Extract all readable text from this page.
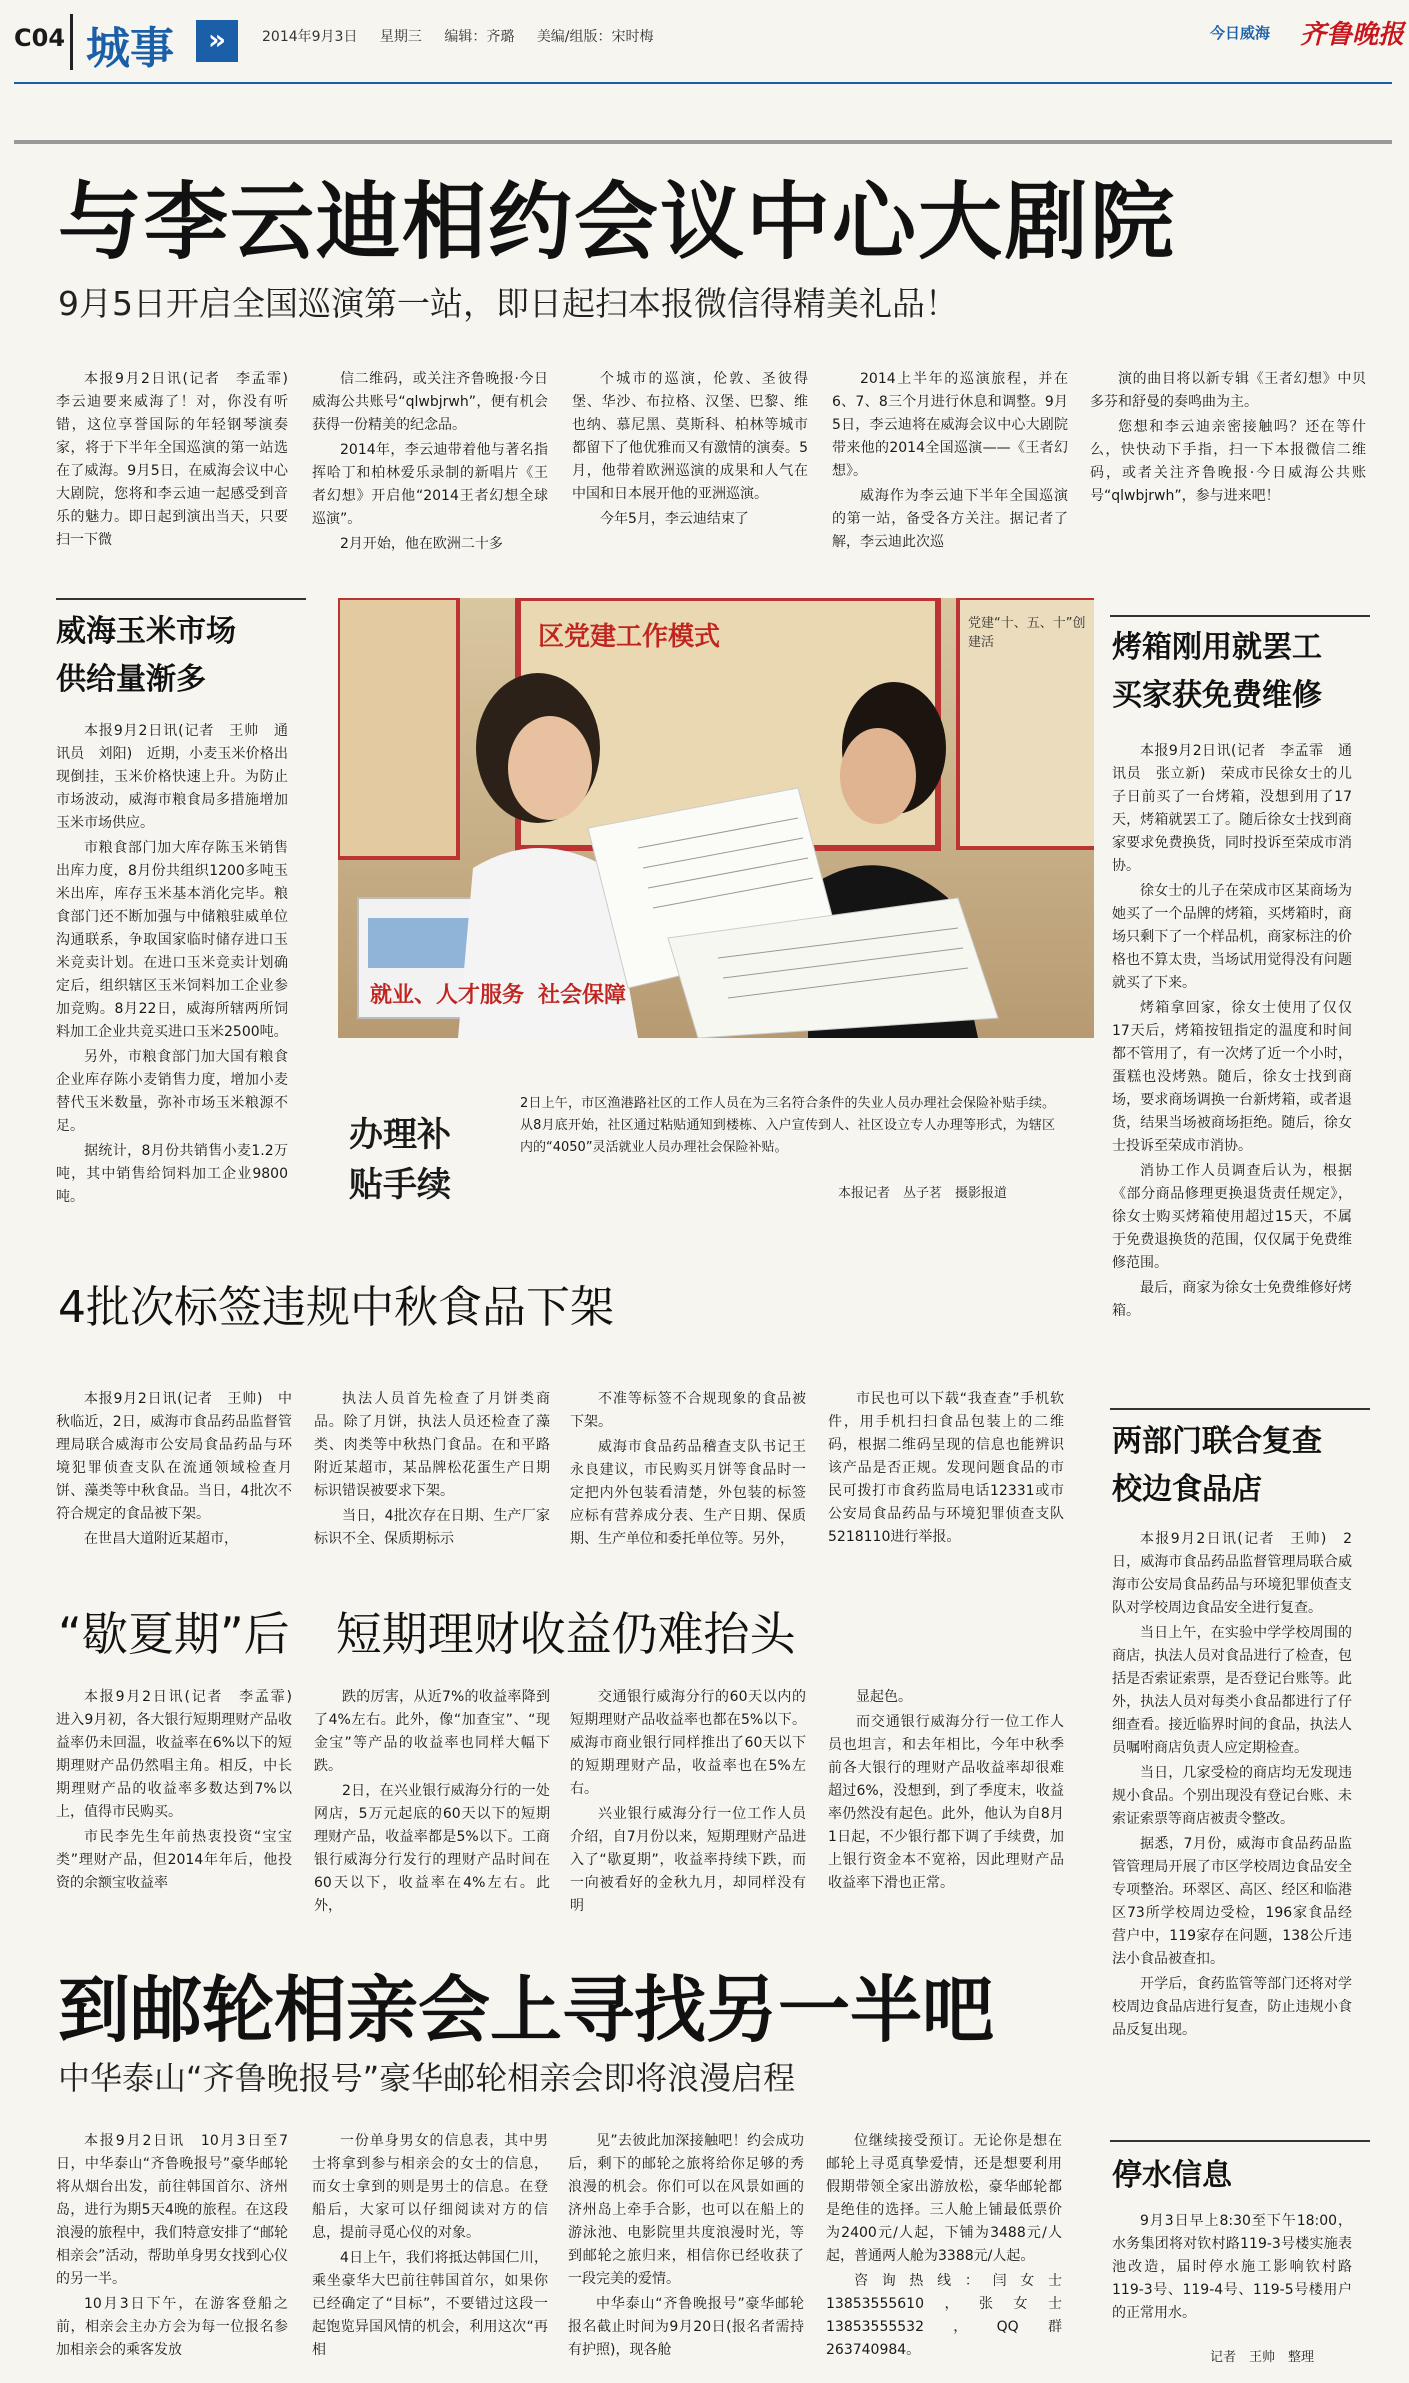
C04 城事	»	2014年9月3日 星期三 编辑：齐璐 美编/组版：宋时梅	今日威海 齐鲁晚报
与李云迪相约会议中心大剧院
9月5日开启全国巡演第一站，即日起扫本报微信得精美礼品！

本报9月2日讯(记者　李孟霏)　李云迪要来威海了！对，你没有听错，这位享誉国际的年轻钢琴演奏家，将于下半年全国巡演的第一站选在了威海。9月5日，在威海会议中心大剧院，您将和李云迪一起感受到音乐的魅力。即日起到演出当天，只要扫一下微

信二维码，或关注齐鲁晚报·今日威海公共账号“qlwbjrwh”，便有机会获得一份精美的纪念品。

2014年，李云迪带着他与著名指挥哈丁和柏林爱乐录制的新唱片《王者幻想》开启他“2014王者幻想全球巡演”。

2月开始，他在欧洲二十多

个城市的巡演，伦敦、圣彼得堡、华沙、布拉格、汉堡、巴黎、维也纳、慕尼黑、莫斯科、柏林等城市都留下了他优雅而又有激情的演奏。5月，他带着欧洲巡演的成果和人气在中国和日本展开他的亚洲巡演。

今年5月，李云迪结束了

2014上半年的巡演旅程，并在6、7、8三个月进行休息和调整。9月5日，李云迪将在威海会议中心大剧院带来他的2014全国巡演——《王者幻想》。

威海作为李云迪下半年全国巡演的第一站，备受各方关注。据记者了解，李云迪此次巡

演的曲目将以新专辑《王者幻想》中贝多芬和舒曼的奏鸣曲为主。

您想和李云迪亲密接触吗？还在等什么，快快动下手指，扫一下本报微信二维码，或者关注齐鲁晚报·今日威海公共账号“qlwbjrwh”，参与进来吧！

威海玉米市场
供给量渐多

本报9月2日讯(记者　王帅　通讯员　刘阳)　近期，小麦玉米价格出现倒挂，玉米价格快速上升。为防止市场波动，威海市粮食局多措施增加玉米市场供应。

市粮食部门加大库存陈玉米销售出库力度，8月份共组织1200多吨玉米出库，库存玉米基本消化完毕。粮食部门还不断加强与中储粮驻威单位沟通联系，争取国家临时储存进口玉米竞卖计划。在进口玉米竞卖计划确定后，组织辖区玉米饲料加工企业参加竞购。8月22日，威海所辖两所饲料加工企业共竞买进口玉米2500吨。

另外，市粮食部门加大国有粮食企业库存陈小麦销售力度，增加小麦替代玉米数量，弥补市场玉米粮源不足。

据统计，8月份共销售小麦1.2万吨，其中销售给饲料加工企业9800吨。

区党建工作模式	党建“十、五、十”创建活
就业、人才服务 社会保障
办理补贴手续
2日上午，市区渔港路社区的工作人员在为三名符合条件的失业人员办理社会保险补贴手续。从8月底开始，社区通过粘贴通知到楼栋、入户宣传到人、社区设立专人办理等形式，为辖区内的“4050”灵活就业人员办理社会保险补贴。
本报记者　丛子茗　摄影报道
烤箱刚用就罢工
买家获免费维修

本报9月2日讯(记者　李孟霏　通讯员　张立新)　荣成市民徐女士的儿子日前买了一台烤箱，没想到用了17天，烤箱就罢工了。随后徐女士找到商家要求免费换货，同时投诉至荣成市消协。

徐女士的儿子在荣成市区某商场为她买了一个品牌的烤箱，买烤箱时，商场只剩下了一个样品机，商家标注的价格也不算太贵，当场试用觉得没有问题就买了下来。

烤箱拿回家，徐女士使用了仅仅17天后，烤箱按钮指定的温度和时间都不管用了，有一次烤了近一个小时，蛋糕也没烤熟。随后，徐女士找到商场，要求商场调换一台新烤箱，或者退货，结果当场被商场拒绝。随后，徐女士投诉至荣成市消协。

消协工作人员调查后认为，根据《部分商品修理更换退货责任规定》，徐女士购买烤箱使用超过15天，不属于免费退换货的范围，仅仅属于免费维修范围。

最后，商家为徐女士免费维修好烤箱。

4批次标签违规中秋食品下架

本报9月2日讯(记者　王帅)　中秋临近，2日，威海市食品药品监督管理局联合威海市公安局食品药品与环境犯罪侦查支队在流通领域检查月饼、藻类等中秋食品。当日，4批次不符合规定的食品被下架。

在世昌大道附近某超市，

执法人员首先检查了月饼类商品。除了月饼，执法人员还检查了藻类、肉类等中秋热门食品。在和平路附近某超市，某品牌松花蛋生产日期标识错误被要求下架。

当日，4批次存在日期、生产厂家标识不全、保质期标示

不准等标签不合规现象的食品被下架。

威海市食品药品稽查支队书记王永良建议，市民购买月饼等食品时一定把内外包装看清楚，外包装的标签应标有营养成分表、生产日期、保质期、生产单位和委托单位等。另外，

市民也可以下载“我查查”手机软件，用手机扫扫食品包装上的二维码，根据二维码呈现的信息也能辨识该产品是否正规。发现问题食品的市民可拨打市食药监局电话12331或市公安局食品药品与环境犯罪侦查支队5218110进行举报。

“歇夏期”后　短期理财收益仍难抬头

本报9月2日讯(记者　李孟霏)　进入9月初，各大银行短期理财产品收益率仍未回温，收益率在6%以下的短期理财产品仍然唱主角。相反，中长期理财产品的收益率多数达到7%以上，值得市民购买。

市民李先生年前热衷投资“宝宝类”理财产品，但2014年年后，他投资的余额宝收益率

跌的厉害，从近7%的收益率降到了4%左右。此外，像“加查宝”、“现金宝”等产品的收益率也同样大幅下跌。

2日，在兴业银行威海分行的一处网店，5万元起底的60天以下的短期理财产品，收益率都是5%以下。工商银行威海分行发行的理财产品时间在60天以下，收益率在4%左右。此外，

交通银行威海分行的60天以内的短期理财产品收益率也都在5%以下。威海市商业银行同样推出了60天以下的短期理财产品，收益率也在5%左右。

兴业银行威海分行一位工作人员介绍，自7月份以来，短期理财产品进入了“歇夏期”，收益率持续下跌，而一向被看好的金秋九月，却同样没有明

显起色。

而交通银行威海分行一位工作人员也坦言，和去年相比，今年中秋季前各大银行的理财产品收益率却很难超过6%，没想到，到了季度末，收益率仍然没有起色。此外，他认为自8月1日起，不少银行都下调了手续费，加上银行资金本不宽裕，因此理财产品收益率下滑也正常。

两部门联合复查
校边食品店

本报9月2日讯(记者　王帅)　2日，威海市食品药品监督管理局联合威海市公安局食品药品与环境犯罪侦查支队对学校周边食品安全进行复查。

当日上午，在实验中学学校周围的商店，执法人员对食品进行了检查，包括是否索证索票，是否登记台账等。此外，执法人员对每类小食品都进行了仔细查看。接近临界时间的食品，执法人员嘱咐商店负责人应定期检查。

当日，几家受检的商店均无发现违规小食品。个别出现没有登记台账、未索证索票等商店被责令整改。

据悉，7月份，威海市食品药品监管管理局开展了市区学校周边食品安全专项整治。环翠区、高区、经区和临港区73所学校周边受检，196家食品经营户中，119家存在问题，138公斤违法小食品被查扣。

开学后，食药监管等部门还将对学校周边食品店进行复查，防止违规小食品反复出现。

停水信息

9月3日早上8:30至下午18:00，水务集团将对钦村路119-3号楼实施表池改造，届时停水施工影响钦村路119-3号、119-4号、119-5号楼用户的正常用水。

记者　王帅　整理
到邮轮相亲会上寻找另一半吧
中华泰山“齐鲁晚报号”豪华邮轮相亲会即将浪漫启程

本报9月2日讯　10月3日至7日，中华泰山“齐鲁晚报号”豪华邮轮将从烟台出发，前往韩国首尔、济州岛，进行为期5天4晚的旅程。在这段浪漫的旅程中，我们特意安排了“邮轮相亲会”活动，帮助单身男女找到心仪的另一半。

10月3日下午，在游客登船之前，相亲会主办方会为每一位报名参加相亲会的乘客发放

一份单身男女的信息表，其中男士将拿到参与相亲会的女士的信息，而女士拿到的则是男士的信息。在登船后，大家可以仔细阅读对方的信息，提前寻觅心仪的对象。

4日上午，我们将抵达韩国仁川，乘坐豪华大巴前往韩国首尔，如果你已经确定了“目标”，不要错过这段一起饱览异国风情的机会，利用这次“再相

见”去彼此加深接触吧！约会成功后，剩下的邮轮之旅将给你足够的秀浪漫的机会。你们可以在风景如画的济州岛上牵手合影，也可以在船上的游泳池、电影院里共度浪漫时光，等到邮轮之旅归来，相信你已经收获了一段完美的爱情。

中华泰山“齐鲁晚报号”豪华邮轮报名截止时间为9月20日(报名者需持有护照)，现各舱

位继续接受预订。无论你是想在邮轮上寻觅真挚爱情，还是想要利用假期带领全家出游放松，豪华邮轮都是绝佳的选择。三人舱上铺最低票价为2400元/人起，下铺为3488元/人起，普通两人舱为3388元/人起。

咨询热线：闫女士13853555610，张女士13853555532，QQ群263740984。
